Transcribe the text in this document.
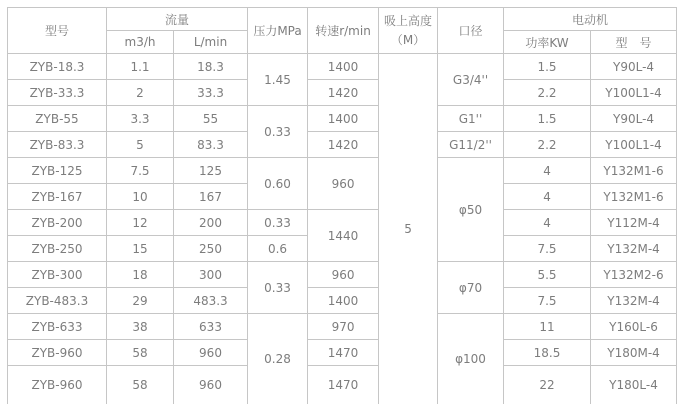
型号	流量		压力MPa	转速r/min	吸上高度
（M）	口径	电动机	
	m3/h	L/min					功率KW	型　号
ZYB-18.3	1.1	18.3	1.45	1400	5	G3/4''	1.5	Y90L-4
ZYB-33.3	2	33.3		1420			2.2	Y100L1-4
ZYB-55	3.3	55	0.33	1400		G1''	1.5	Y90L-4
ZYB-83.3	5	83.3		1420		G11/2''	2.2	Y100L1-4
ZYB-125	7.5	125	0.60	960		φ50	4	Y132M1-6
ZYB-167	10	167					4	Y132M1-6
ZYB-200	12	200	0.33	1440			4	Y112M-4
ZYB-250	15	250	0.6				7.5	Y132M-4
ZYB-300	18	300	0.33	960		φ70	5.5	Y132M2-6
ZYB-483.3	29	483.3		1400			7.5	Y132M-4
ZYB-633	38	633	0.28	970		φ100	11	Y160L-6
ZYB-960	58	960		1470			18.5	Y180M-4
ZYB-960	58	960		1470			22	Y180L-4
